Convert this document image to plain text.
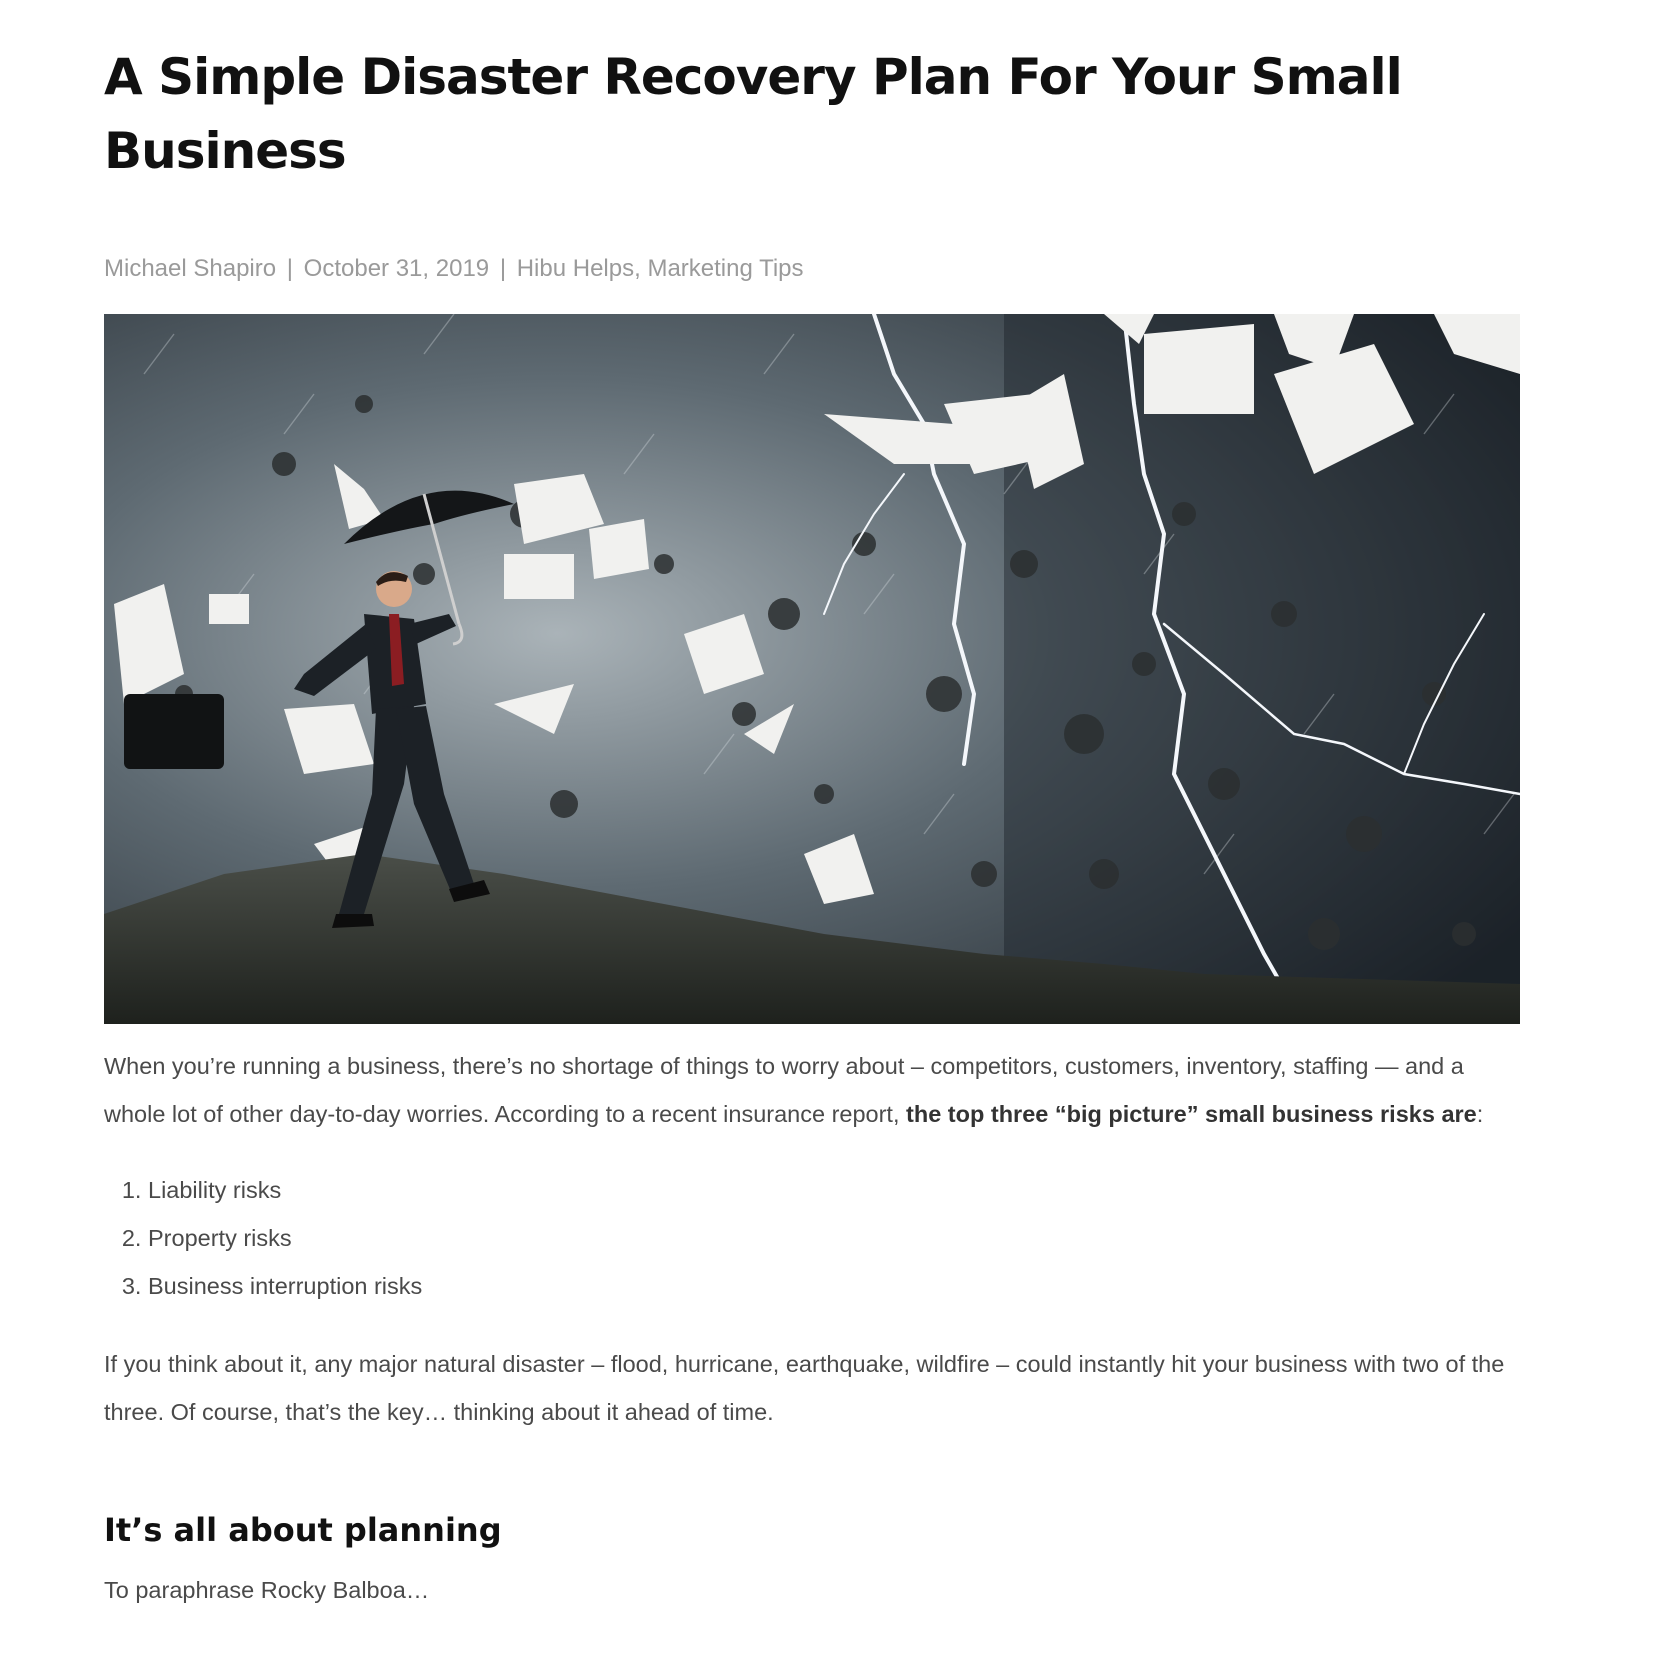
A Simple Disaster Recovery Plan For Your Small Business
Michael Shapiro | October 31, 2019 | Hibu Helps, Marketing Tips

When you’re running a business, there’s no shortage of things to worry about – competitors, customers, inventory, staffing — and a whole lot of other day-to-day worries. According to a recent insurance report, the top three “big picture” small business risks are:

1. Liability risks
2. Property risks
3. Business interruption risks

If you think about it, any major natural disaster – flood, hurricane, earthquake, wildfire – could instantly hit your business with two of the three. Of course, that’s the key… thinking about it ahead of time.

It’s all about planning

To paraphrase Rocky Balboa…
